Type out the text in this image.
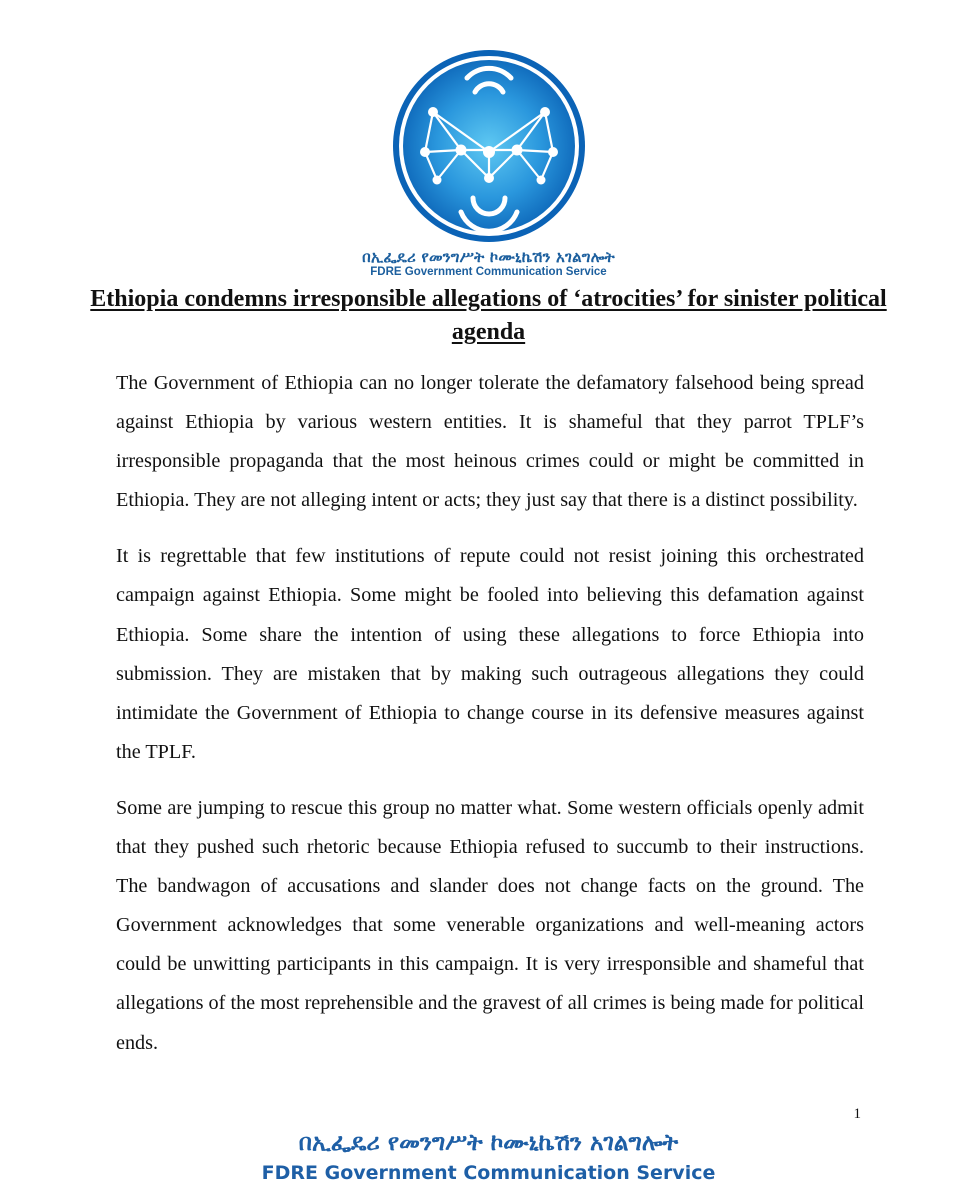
በኢፌዴሪ የመንግሥት ኮሙኒኬሽን አገልግሎት
FDRE Government Communication Service
Ethiopia condemns irresponsible allegations of ‘atrocities’ for sinister political agenda

The Government of Ethiopia can no longer tolerate the defamatory falsehood being spread against Ethiopia by various western entities. It is shameful that they parrot TPLF’s irresponsible propaganda that the most heinous crimes could or might be committed in Ethiopia. They are not alleging intent or acts; they just say that there is a distinct possibility.

It is regrettable that few institutions of repute could not resist joining this orchestrated campaign against Ethiopia. Some might be fooled into believing this defamation against Ethiopia. Some share the intention of using these allegations to force Ethiopia into submission. They are mistaken that by making such outrageous allegations they could intimidate the Government of Ethiopia to change course in its defensive measures against the TPLF.

Some are jumping to rescue this group no matter what. Some western officials openly admit that they pushed such rhetoric because Ethiopia refused to succumb to their instructions. The bandwagon of accusations and slander does not change facts on the ground. The Government acknowledges that some venerable organizations and well-meaning actors could be unwitting participants in this campaign. It is very irresponsible and shameful that allegations of the most reprehensible and the gravest of all crimes is being made for political ends.

1
በኢፌዴሪ የመንግሥት ኮሙኒኬሽን አገልግሎት
FDRE Government Communication Service
